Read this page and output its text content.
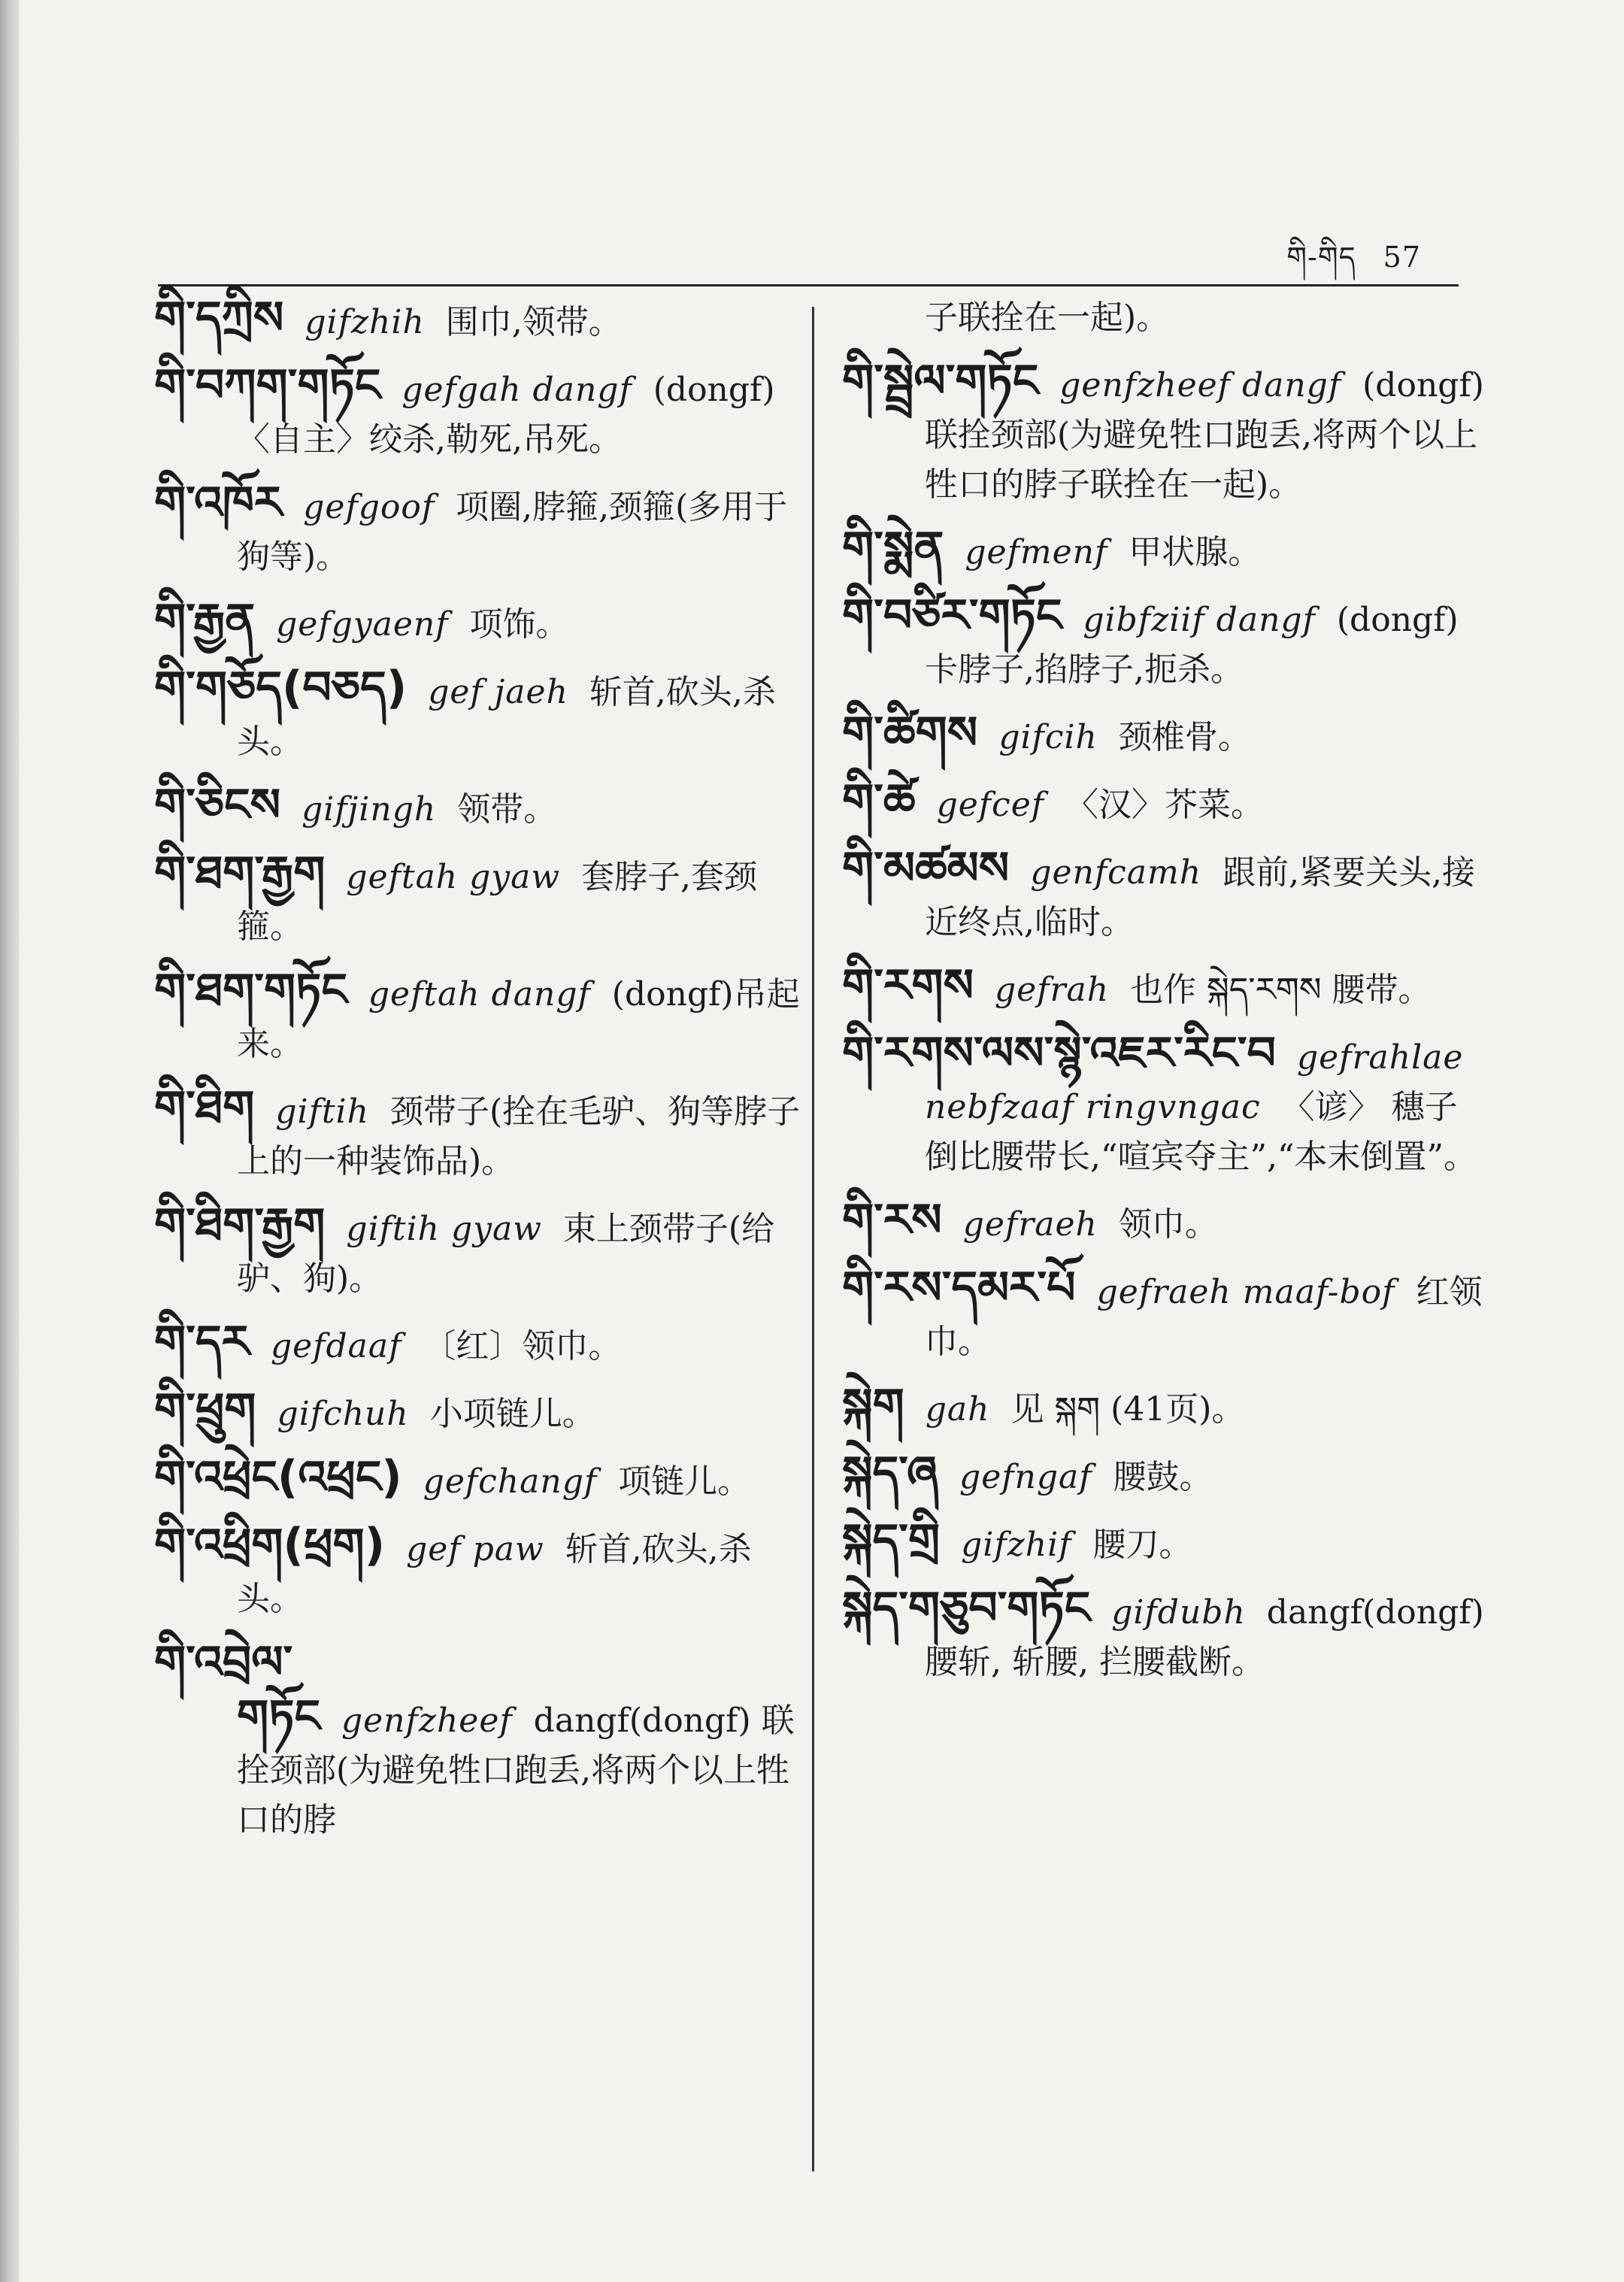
གི-གིད 57
གི་དཀྲིས gifzhih 围巾,领带。
གི་བཀག་གཏོང gefgah dangf (dongf) 〈自主〉绞杀,勒死,吊死。
གི་འཁོར gefgoof 项圈,脖箍,颈箍(多用于狗等)。
གི་རྒྱན gefgyaenf 项饰。
གི་གཅོད(བཅད) gef jaeh 斩首,砍头,杀头。
གི་ཅིངས gifjingh 领带。
གི་ཐག་རྒྱག geftah gyaw 套脖子,套颈箍。
གི་ཐག་གཏོང geftah dangf (dongf)吊起来。
གི་ཐིག giftih 颈带子(拴在毛驴、狗等脖子上的一种装饰品)。
གི་ཐིག་རྒྱག giftih gyaw 束上颈带子(给驴、狗)。
གི་དར gefdaaf 〔红〕领巾。
གི་ཕྲུག gifchuh 小项链儿。
གི་འཕྲེང(འཕྲང) gefchangf 项链儿。
གི་འཕྲིག(ཕྲག) gef paw 斩首,砍头,杀头。
གི་འབྲེལ་གཏོང genfzheef dangf(dongf) 联拴颈部(为避免牲口跑丢,将两个以上牲口的脖
子联拴在一起)。
གི་སྦྲེལ་གཏོང genfzheef dangf (dongf) 联拴颈部(为避免牲口跑丢,将两个以上牲口的脖子联拴在一起)。
གི་སྨེན gefmenf 甲状腺。
གི་བཙིར་གཏོང gibfziif dangf (dongf) 卡脖子,掐脖子,扼杀。
གི་ཚིགས gifcih 颈椎骨。
གི་ཚེ gefcef 〈汉〉芥菜。
གི་མཚམས genfcamh 跟前,紧要关头,接近终点,临时。
གི་རགས gefrah 也作 སྐེད་རགས 腰带。
གི་རགས་ལས་སྙེ་འཇར་རིང་བ gefrahlae nebfzaaf ringvngac 〈谚〉 穗子倒比腰带长,“喧宾夺主”,“本末倒置”。
གི་རས gefraeh 领巾。
གི་རས་དམར་པོ gefraeh maaf-bof 红领巾。
སྐེག gah 见 སྐག (41页)。
སྐེད་ཞ gefngaf 腰鼓。
སྐེད་གྲི gifzhif 腰刀。
སྐེད་གཅུབ་གཏོང gifdubh dangf(dongf) 腰斩, 斩腰, 拦腰截断。
